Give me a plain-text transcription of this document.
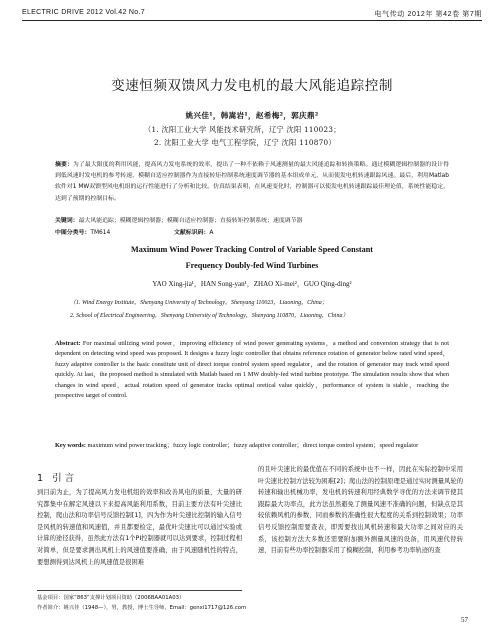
ELECTRIC DRIVE 2012 Vol.42 No.7	电气传动 2012年 第42卷 第7期
变速恒频双馈风力发电机的最大风能追踪控制
姚兴佳¹，韩嵩岩¹，赵希梅²，郭庆鼎²
（1. 沈阳工业大学 风能技术研究所，辽宁 沈阳 110023；
2. 沈阳工业大学 电气工程学院，辽宁 沈阳 110870）
摘要：为了最大限度的利用风能，提高风力发电系统的效率，提出了一种不依赖于风速测量的最大风能追踪和转换策略。通过模糊逻辑控制器的设计得到低风速时发电机的参考转速，模糊自适应控制器作为直接转矩控制系统速度调节器的基本组成单元，从而使发电机转速跟踪风速。最后，利用Matlab软件对1 MW双馈型风电机组的运行性能进行了分析和比较。仿真结果表明，在风速变化时，控制器可以使发电机转速跟踪最佳理论值，系统性能稳定，达到了预期的控制目标。
关键词：最大风能追踪；模糊逻辑控制器；模糊自适应控制器；直接转矩控制系统；速度调节器
中图分类号：TM614	文献标识码：A
Maximum Wind Power Tracking Control of Variable Speed Constant
Frequency Doubly-fed Wind Turbines
YAO Xing-jia¹，HAN Song-yan¹，ZHAO Xi-mei²，GUO Qing-ding²
（1. Wind Energy Institute，Shenyang University of Technology，Shenyang 110023，Liaoning，China；
2. School of Electrical Engineering，Shenyang University of Technology，Shenyang 110870，Liaoning，China）
Abstract: For maximal utilizing wind power，improving efficiency of wind power generating systems，a method and conversion strategy that is not dependent on detecting wind speed was proposed. It designs a fuzzy logic controller that obtains reference rotation of generator below rated wind speed，fuzzy adaptive controller is the basic constitute unit of direct torque control system speed regulator，and the rotation of generator may track wind speed quickly. At last，the proposed method is simulated with Matlab based on 1 MW doubly-fed wind turbine prototype. The simulation results show that when changes in wind speed，actual rotation speed of generator tracks optimal oretical value quickly，performance of system is stable，reaching the prospective target of control.
Key words: maximum wind power tracking；fuzzy logic controller；fuzzy adaptive controller；direct torque control system；speed regulator
1 引言
到目前为止，为了提高风力发电机组的效率和改善风电的质量，大量的研究都集中在解定风速以下来提高风能利用系数，目前主要方法有叶尖速比控制，爬山法和功率信号反馈控制[1]，四为作为叶尖速比控制的输入信号是风机的转速值和风速值，并且都要检定，最优叶尖速比可以通过实验或计算的途径获得，虽然此方法有1个PI控制器就可以达到要求，控制过程相对简单，但是要求测出风机上的风速值要准确，由于风速随机性的特点，要想测得到达风机上的风速值是很困难
的且叶尖速比的最优值在不同的系统中也不一样，因此在实际控制中采用叶尖速比控制方法较为困难[2]；爬山法的控制原理是通过实时测量风轮的转速和输出机械功率，发电机的转速利用经典数学寻优的方法来调节使其跟踪最大功率点，此方法虽然避免了测量风速不准确的问题，但缺点是其较依赖风机的参数，同而参数的准确性很大程度的关系到控制效果；功率信号反馈控制需要查表，即需要找出风机转速和最大功率之间对应的关系，该控制方法大多数还需要附加额外测量风速的设备，用风速代替转速，目前有些功率控制器采用了模糊控制，利用参考功率轨迹的查
基金项目：国家“863”支撑计划项目资助（2006BAA01A03）
作者简介：姚兴佳（1948—），男，教授，博士生导师，Email：genxi1717@126.com
57
